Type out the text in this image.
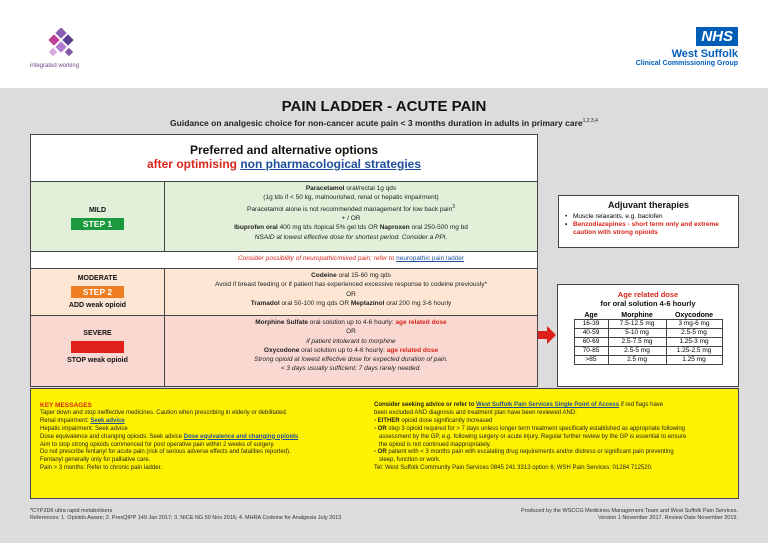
integrated working
NHS
West Suffolk
Clinical Commissioning Group
PAIN LADDER - ACUTE PAIN
Guidance on analgesic choice for non-cancer acute pain < 3 months duration in adults in primary care$^{1,2,3,4}$
Preferred and alternative options
after optimising non pharmacological strategies
MILD
STEP 1
Paracetamol oral/rectal 1g qds
(1g tds if < 50 kg, malnourished, renal or hepatic impairment)
Paracetamol alone is not recommended management for low back pain$^3$
+ / OR
Ibuprofen oral 400 mg tds /topical 5% gel tds OR Naproxen oral 250-500 mg bd
NSAID at lowest effective dose for shortest period. Consider a PPI.
Consider possibility of neuropathic/mixed pain; refer to neuropathic pain ladder
MODERATE
STEP 2
ADD weak opioid
Codeine oral 15-60 mg qds
Avoid if breast feeding or if patient has experienced excessive response to codeine previously*
OR
Tramadol oral 50-100 mg qds OR Meptazinol oral 200 mg 3-6 hourly
SEVERE
STEP 3
STOP weak opioid
Morphine Sulfate oral solution up to 4-6 hourly: age related dose
OR
if patient intolerant to morphine
Oxycodone oral solution up to 4-6 hourly: age related dose
Strong opioid at lowest effective dose for expected duration of pain.
< 3 days usually sufficient; 7 days rarely needed.
Adjuvant therapies
• Muscle relaxants, e.g. baclofen
• Benzodiazepines - short term only and extreme caution with strong opioids
Age related dose
for oral solution 4-6 hourly
Age	Morphine	Oxycodone
16-39	7.5-12.5 mg	3 mg-6 mg
40-59	5-10 mg	2.5-5 mg
60-69	2.5-7.5 mg	1.25-3 mg
70-85	2.5-5 mg	1.25-2.5 mg
>85	2.5 mg	1.25 mg
KEY MESSAGES
Taper down and stop ineffective medicines. Caution when prescribing in elderly or debilitated.
Renal impairment: Seek advice
Hepatic impairment: Seek advice
Dose equivalence and changing opioids: Seek advice Dose equivalence and changing opioids
Aim to stop strong opioids commenced for post operative pain within 2 weeks of surgery.
Do not prescribe fentanyl for acute pain (risk of serious adverse effects and fatalities reported).
Fentanyl generally only for palliative care.
Pain > 3 months: Refer to chronic pain ladder.
Consider seeking advice or refer to West Suffolk Pain Services Single Point of Access if red flags have
been excluded AND diagnosis and treatment plan have been reviewed AND:
- EITHER opioid dose significantly increased
- OR step 3 opioid required for > 7 days unless longer term treatment specifically established as appropriate following
assessment by the GP, e.g. following surgery or acute injury. Regular further review by the GP is essential to ensure
the opioid is not continued inappropriately.
- OR patient with < 3 months pain with escalating drug requirements and/or distress or significant pain preventing
sleep, function or work.
Tel: West Suffolk Community Pain Services 0845 241 3313 option 6; WSH Pain Services: 01284 712520.
*CYP2D6 ultra rapid metabolisers
References: 1. Opioids Aware; 2. PresQIPP 149 Jan 2017; 3. NICE NG 59 Nov 2016; 4. MHRA Codeine for Analgesia July 2013
Produced by the WSCCG Medicines Management Team and West Suffolk Pain Services.
Version 1 November 2017. Review Date November 2019.
